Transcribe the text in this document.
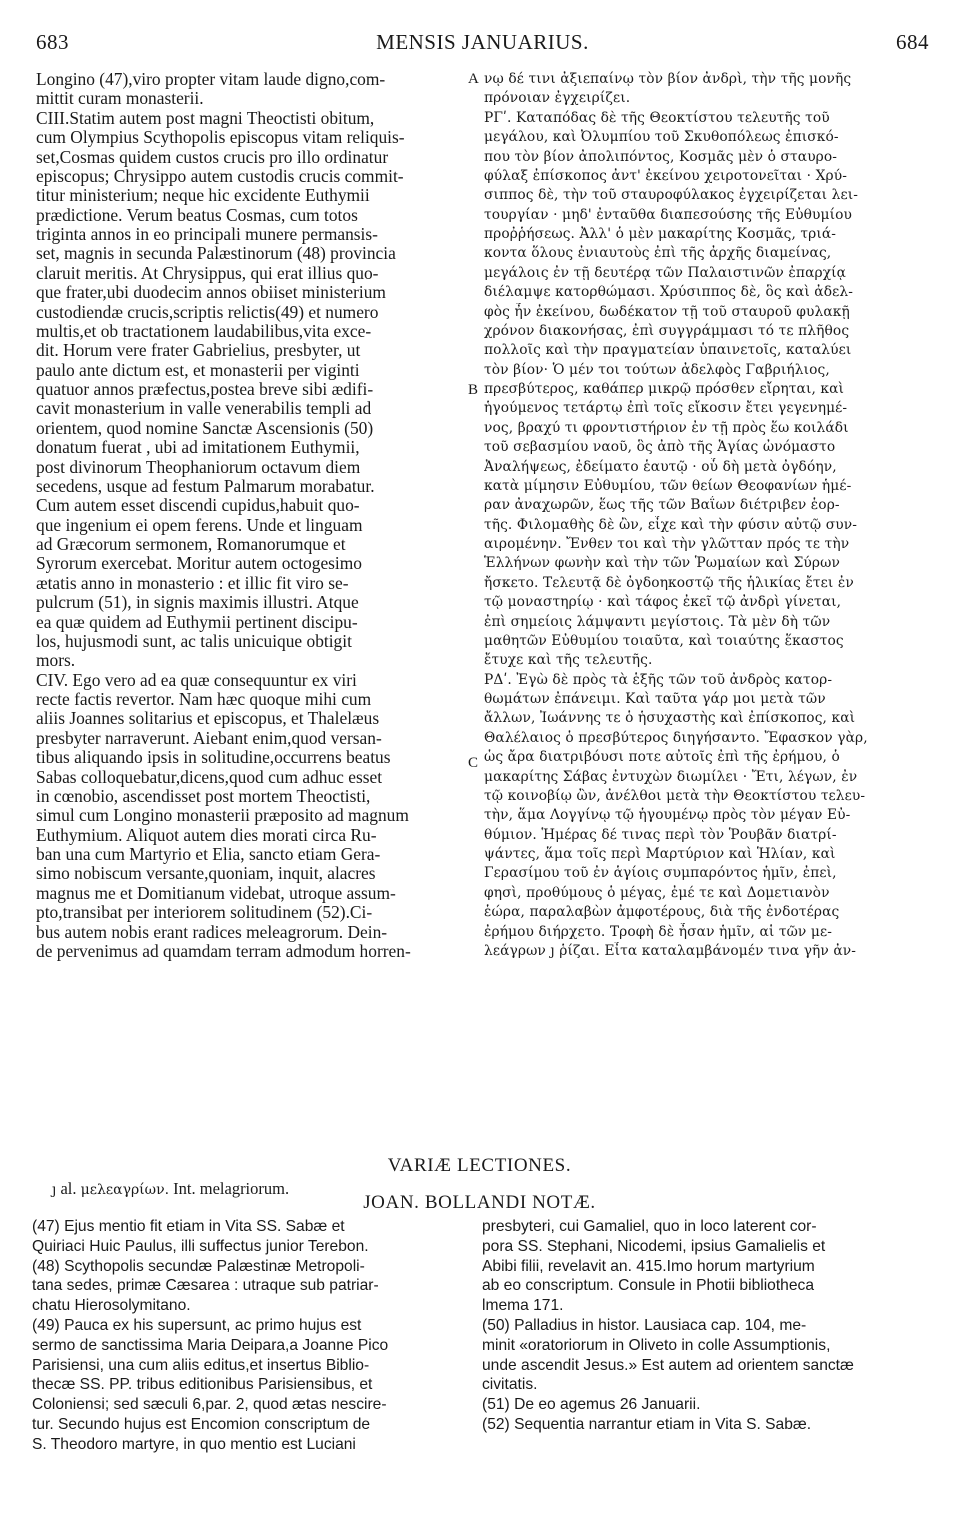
683	MENSIS JANUARIUS.	684
Longino (47),viro propter vitam laude digno,com-
mittit curam monasterii.
CIII.Statim autem post magni Theoctisti obitum,
cum Olympius Scythopolis episcopus vitam reliquis-
set,Cosmas quidem custos crucis pro illo ordinatur
episcopus; Chrysippo autem custodis crucis commit-
titur ministerium; neque hic excidente Euthymii
prædictione. Verum beatus Cosmas, cum totos
triginta annos in eo principali munere permansis-
set, magnis in secunda Palæstinorum (48) provincia
claruit meritis. At Chrysippus, qui erat illius quo-
que frater,ubi duodecim annos obiiset ministerium
custodiendæ crucis,scriptis relictis(49) et numero
multis,et ob tractationem laudabilibus,vita exce-
dit. Horum vere frater Gabrielius, presbyter, ut
paulo ante dictum est, et monasterii per viginti
quatuor annos præfectus,postea breve sibi ædifi-
cavit monasterium in valle venerabilis templi ad
orientem, quod nomine Sanctæ Ascensionis (50)
donatum fuerat , ubi ad imitationem Euthymii,
post divinorum Theophaniorum octavum diem
secedens, usque ad festum Palmarum morabatur.
Cum autem esset discendi cupidus,habuit quo-
que ingenium ei opem ferens. Unde et linguam
ad Græcorum sermonem, Romanorumque et
Syrorum exercebat. Moritur autem octogesimo
ætatis anno in monasterio : et illic fit viro se-
pulcrum (51), in signis maximis illustri. Atque
ea quæ quidem ad Euthymii pertinent discipu-
los, hujusmodi sunt, ac talis unicuique obtigit
mors.
CIV. Ego vero ad ea quæ consequuntur ex viri
recte factis revertor. Nam hæc quoque mihi cum
aliis Joannes solitarius et episcopus, et Thalelæus
presbyter narraverunt. Aiebant enim,quod versan-
tibus aliquando ipsis in solitudine,occurrens beatus
Sabas colloquebatur,dicens,quod cum adhuc esset
in cœnobio, ascendisset post mortem Theoctisti,
simul cum Longino monasterii præposito ad magnum
Euthymium. Aliquot autem dies morati circa Ru-
ban una cum Martyrio et Elia, sancto etiam Gera-
simo nobiscum versante,quoniam, inquit, alacres
magnus me et Domitianum videbat, utroque assum-
pto,transibat per interiorem solitudinem (52).Ci-
bus autem nobis erant radices meleagrorum. Dein-
de pervenimus ad quamdam terram admodum horren-
νῳ δέ τινι ἀξιεπαίνῳ τὸν βίον ἀνδρὶ, τὴν τῆς μονῆς
πρόνοιαν ἐγχειρίζει.
ΡΓʹ. Καταπόδας δὲ τῆς Θεοκτίστου τελευτῆς τοῦ
μεγάλου, καὶ Ὀλυμπίου τοῦ Σκυθοπόλεως ἐπισκό-
που τὸν βίον ἀπολιπόντος, Κοσμᾶς μὲν ὁ σταυρο-
φύλαξ ἐπίσκοπος ἀντ' ἐκείνου χειροτονεῖται · Χρύ-
σιππος δὲ, τὴν τοῦ σταυροφύλακος ἐγχειρίζεται λει-
τουργίαν · μηδ' ἐνταῦθα διαπεσούσης τῆς Εὐθυμίου
προῤῥήσεως. Ἀλλ' ὁ μὲν μακαρίτης Κοσμᾶς, τριά-
κοντα ὅλους ἐνιαυτοὺς ἐπὶ τῆς ἀρχῆς διαμείνας,
μεγάλοις ἐν τῇ δευτέρᾳ τῶν Παλαιστινῶν ἐπαρχίᾳ
διέλαμψε κατορθώμασι. Χρύσιππος δὲ, ὃς καὶ ἀδελ-
φὸς ἦν ἐκείνου, δωδέκατον τῇ τοῦ σταυροῦ φυλακῇ
χρόνον διακονήσας, ἐπὶ συγγράμμασι τό τε πλῆθος
πολλοῖς καὶ τὴν πραγματείαν ὑπαινετοῖς, καταλύει
τὸν βίον· Ὁ μέν τοι τούτων ἀδελφὸς Γαβριήλιος,
πρεσβύτερος, καθάπερ μικρῷ πρόσθεν εἴρηται, καὶ
ἡγούμενος τετάρτῳ ἐπὶ τοῖς εἴκοσιν ἔτει γεγενημέ-
νος, βραχύ τι φροντιστήριον ἐν τῇ πρὸς ἕω κοιλάδι
τοῦ σεβασμίου ναοῦ, ὃς ἀπὸ τῆς Ἁγίας ὠνόμαστο
Ἀναλήψεως, ἐδείματο ἑαυτῷ · οὗ δὴ μετὰ ὀγδόην,
κατὰ μίμησιν Εὐθυμίου, τῶν θείων Θεοφανίων ἡμέ-
ραν ἀναχωρῶν, ἕως τῆς τῶν Βαΐων διέτριβεν ἑορ-
τῆς. Φιλομαθὴς δὲ ὢν, εἶχε καὶ τὴν φύσιν αὐτῷ συν-
αιρομένην. Ἔνθεν τοι καὶ τὴν γλῶτταν πρός τε τὴν
Ἑλλήνων φωνὴν καὶ τὴν τῶν Ῥωμαίων καὶ Σύρων
ἤσκετο. Τελευτᾷ δὲ ὀγδοηκοστῷ τῆς ἡλικίας ἔτει ἐν
τῷ μοναστηρίῳ · καὶ τάφος ἐκεῖ τῷ ἀνδρὶ γίνεται,
ἐπὶ σημείοις λάμψαντι μεγίστοις. Τὰ μὲν δὴ τῶν
μαθητῶν Εὐθυμίου τοιαῦτα, καὶ τοιαύτης ἕκαστος
ἔτυχε καὶ τῆς τελευτῆς.
ΡΔʹ. Ἐγὼ δὲ πρὸς τὰ ἑξῆς τῶν τοῦ ἀνδρὸς κατορ-
θωμάτων ἐπάνειμι. Καὶ ταῦτα γάρ μοι μετὰ τῶν
ἄλλων, Ἰωάννης τε ὁ ἡσυχαστὴς καὶ ἐπίσκοπος, καὶ
Θαλέλαιος ὁ πρεσβύτερος διηγήσαντο. Ἔφασκον γὰρ,
ὡς ἄρα διατριβόυσι ποτε αὐτοῖς ἐπὶ τῆς ἐρήμου, ὁ
μακαρίτης Σάβας ἐντυχὼν διωμίλει · Ἔτι, λέγων, ἐν
τῷ κοινοβίῳ ὢν, ἀνέλθοι μετὰ τὴν Θεοκτίστου τελευ-
τὴν, ἅμα Λογγίνῳ τῷ ἡγουμένῳ πρὸς τὸν μέγαν Εὐ-
θύμιον. Ἡμέρας δέ τινας περὶ τὸν Ῥουβᾶν διατρί-
ψάντες, ἅμα τοῖς περὶ Μαρτύριον καὶ Ἡλίαν, καὶ
Γερασίμου τοῦ ἐν ἁγίοις συμπαρόντος ἡμῖν, ἐπεὶ,
φησὶ, προθύμους ὁ μέγας, ἐμέ τε καὶ Δομετιανὸν
ἑώρα, παραλαβὼν ἀμφοτέρους, διὰ τῆς ἐνδοτέρας
ἐρήμου διήρχετο. Τροφὴ δὲ ἦσαν ἡμῖν, αἱ τῶν με-
λεάγρων ȷ ῥίζαι. Εἶτα καταλαμβάνομέν τινα γῆν ἀν-
A
B
C
VARIÆ LECTIONES.
ȷ al. μελεαγρίων. Int. melagriorum.
JOAN. BOLLANDI NOTÆ.
(47) Ejus mentio fit etiam in Vita SS. Sabæ et
Quiriaci Huic Paulus, illi suffectus junior Terebon.
(48) Scythopolis secundæ Palæstinæ Metropoli-
tana sedes, primæ Cæsarea : utraque sub patriar-
chatu Hierosolymitano.
(49) Pauca ex his supersunt, ac primo hujus est
sermo de sanctissima Maria Deipara,a Joanne Pico
Parisiensi, una cum aliis editus,et insertus Biblio-
thecæ SS. PP. tribus editionibus Parisiensibus, et
Coloniensi; sed sæculi 6,par. 2, quod ætas nescire-
tur. Secundo hujus est Encomion conscriptum de
S. Theodoro martyre, in quo mentio est Luciani
presbyteri, cui Gamaliel, quo in loco laterent cor-
pora SS. Stephani, Nicodemi, ipsius Gamalielis et
Abibi filii, revelavit an. 415.Imo horum martyrium
ab eo conscriptum. Consule in Photii bibliotheca
lmema 171.
(50) Palladius in histor. Lausiaca cap. 104, me-
minit «oratoriorum in Oliveto in colle Assumptionis,
unde ascendit Jesus.» Est autem ad orientem sanctæ
civitatis.
(51) De eo agemus 26 Januarii.
(52) Sequentia narrantur etiam in Vita S. Sabæ.
